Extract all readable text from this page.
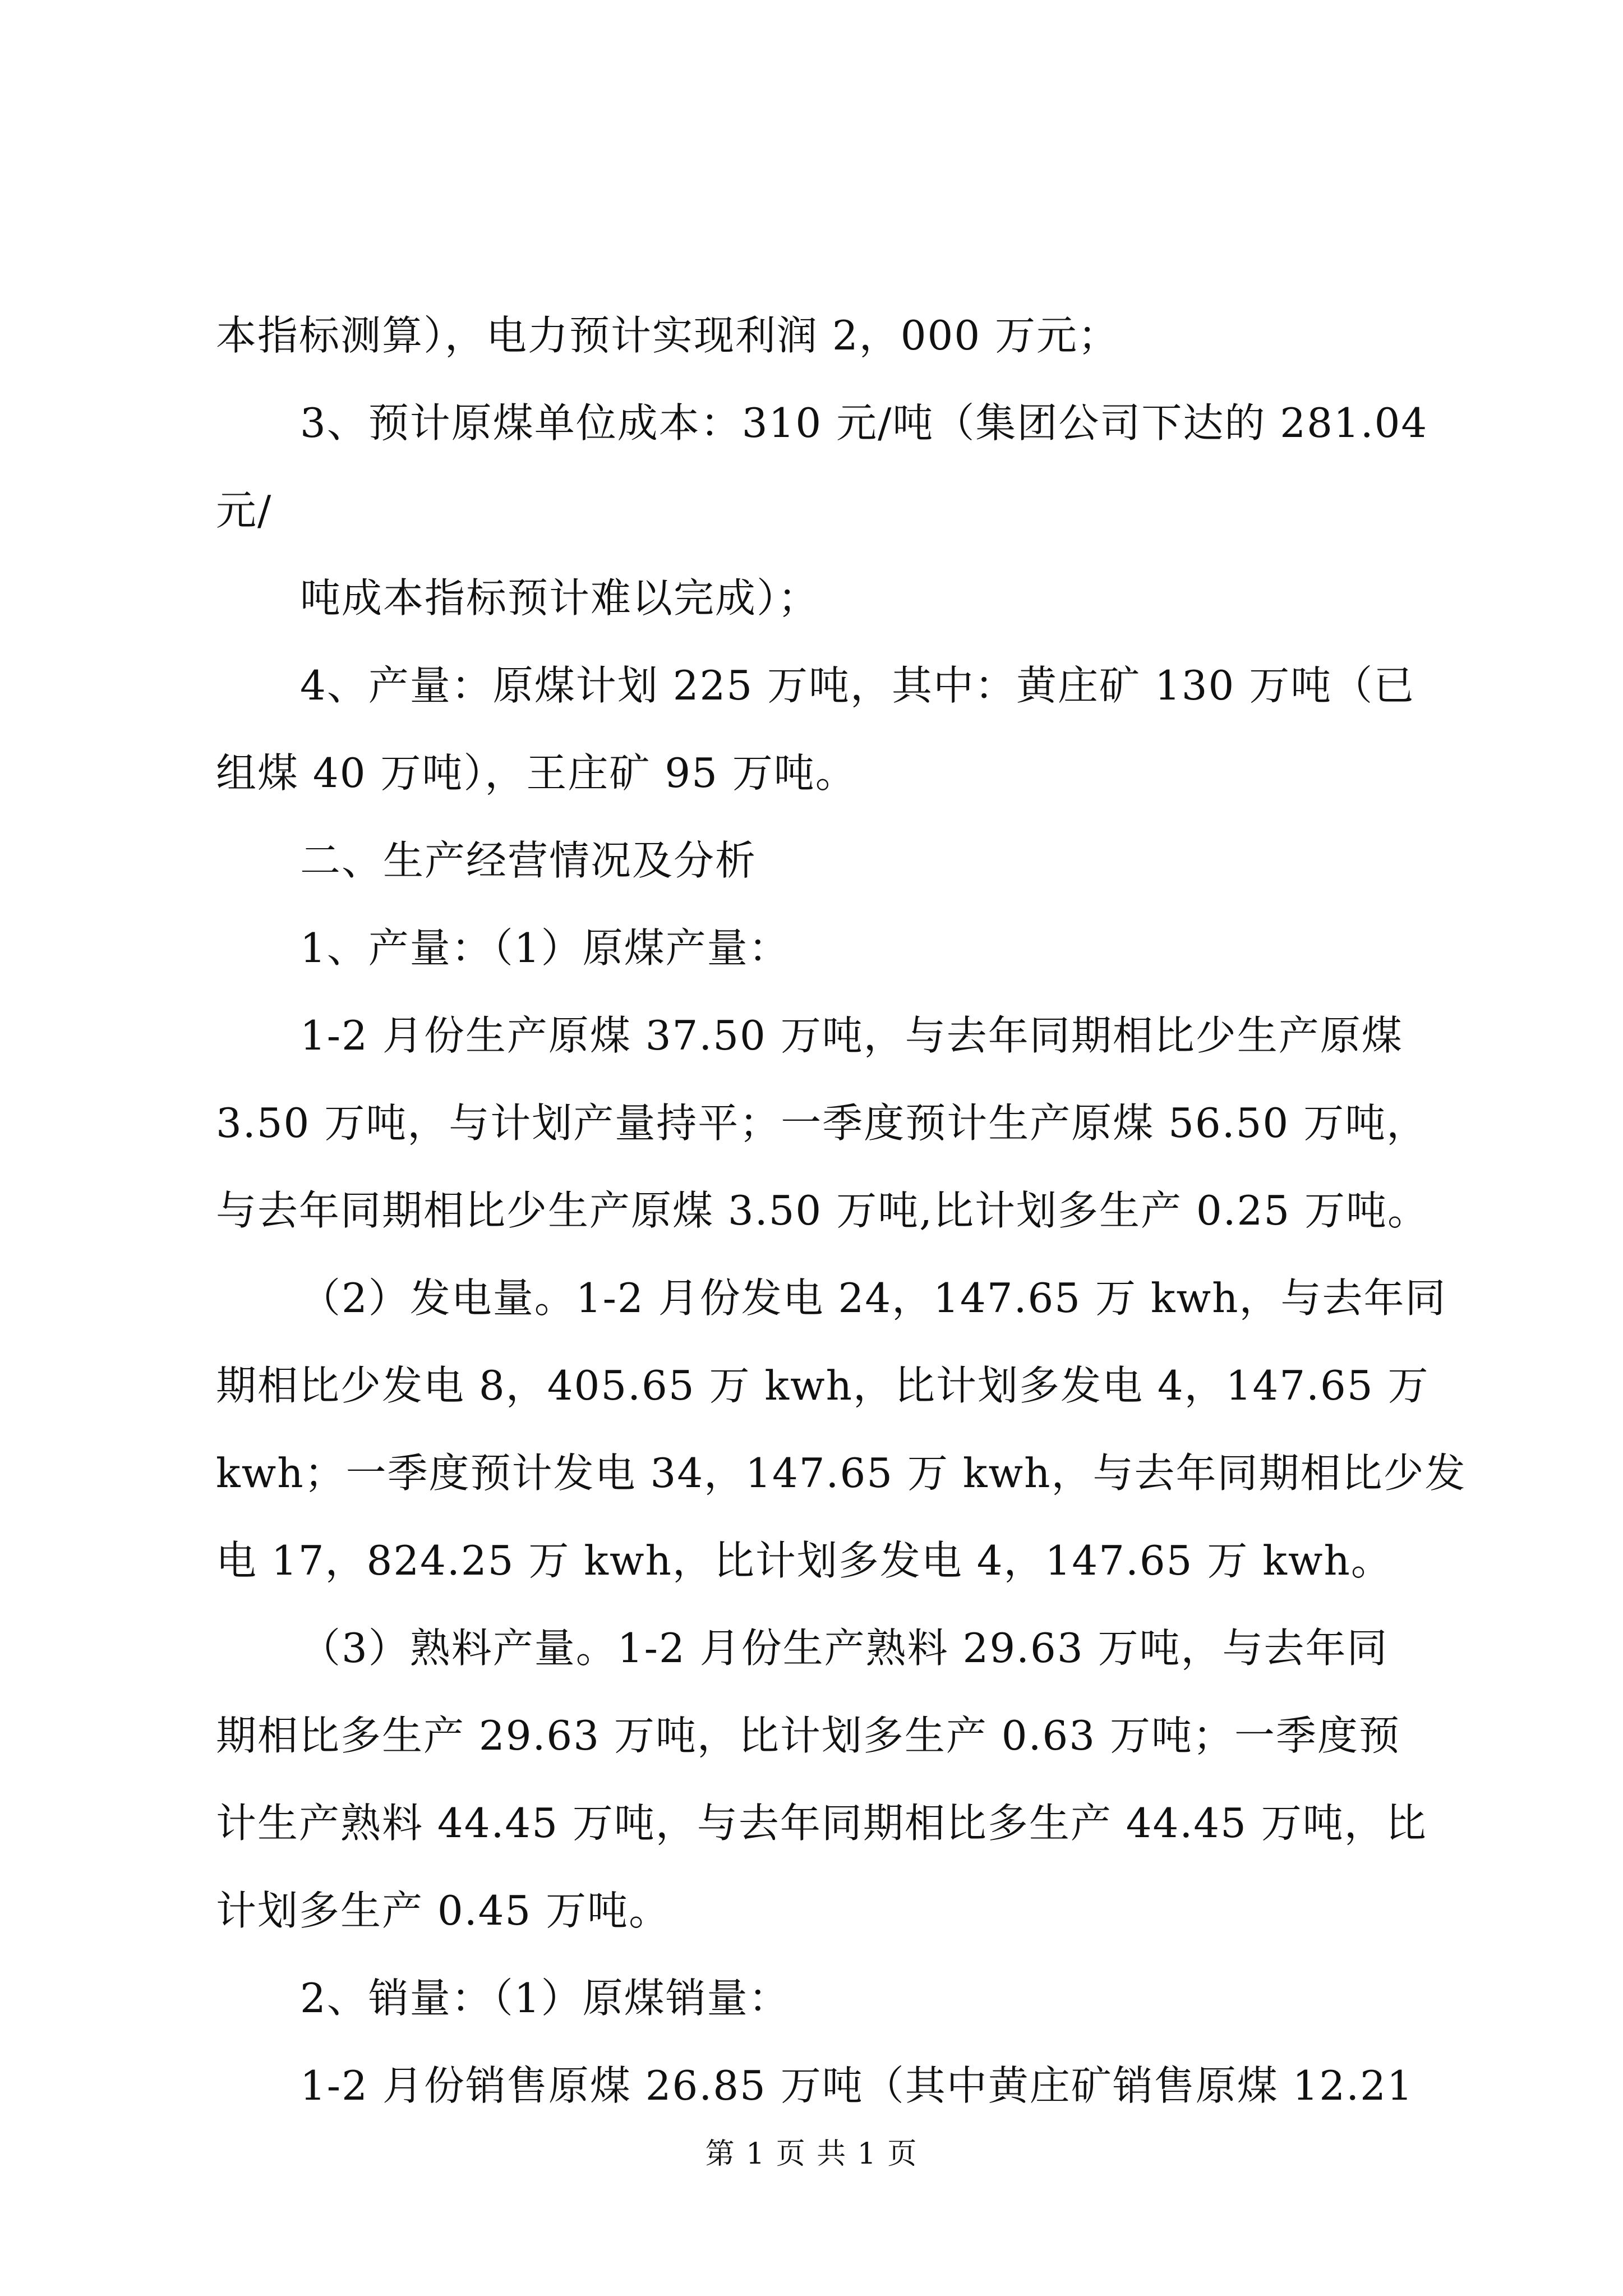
本指标测算），电力预计实现利润 2，000 万元；
3、预计原煤单位成本：310 元/吨（集团公司下达的 281.04
元/
吨成本指标预计难以完成）；
4、产量：原煤计划 225 万吨，其中：黄庄矿 130 万吨（已
组煤 40 万吨），王庄矿 95 万吨。
二、生产经营情况及分析
1、产量：（1）原煤产量：
1-2 月份生产原煤 37.50 万吨，与去年同期相比少生产原煤
3.50 万吨，与计划产量持平；一季度预计生产原煤 56.50 万吨，
与去年同期相比少生产原煤 3.50 万吨,比计划多生产 0.25 万吨。
（2）发电量。1-2 月份发电 24，147.65 万 kwh，与去年同
期相比少发电 8，405.65 万 kwh，比计划多发电 4，147.65 万
kwh；一季度预计发电 34，147.65 万 kwh，与去年同期相比少发
电 17，824.25 万 kwh，比计划多发电 4，147.65 万 kwh。
（3）熟料产量。1-2 月份生产熟料 29.63 万吨，与去年同
期相比多生产 29.63 万吨，比计划多生产 0.63 万吨；一季度预
计生产熟料 44.45 万吨，与去年同期相比多生产 44.45 万吨，比
计划多生产 0.45 万吨。
2、销量：（1）原煤销量：
1-2 月份销售原煤 26.85 万吨（其中黄庄矿销售原煤 12.21
第 1 页 共 1 页
